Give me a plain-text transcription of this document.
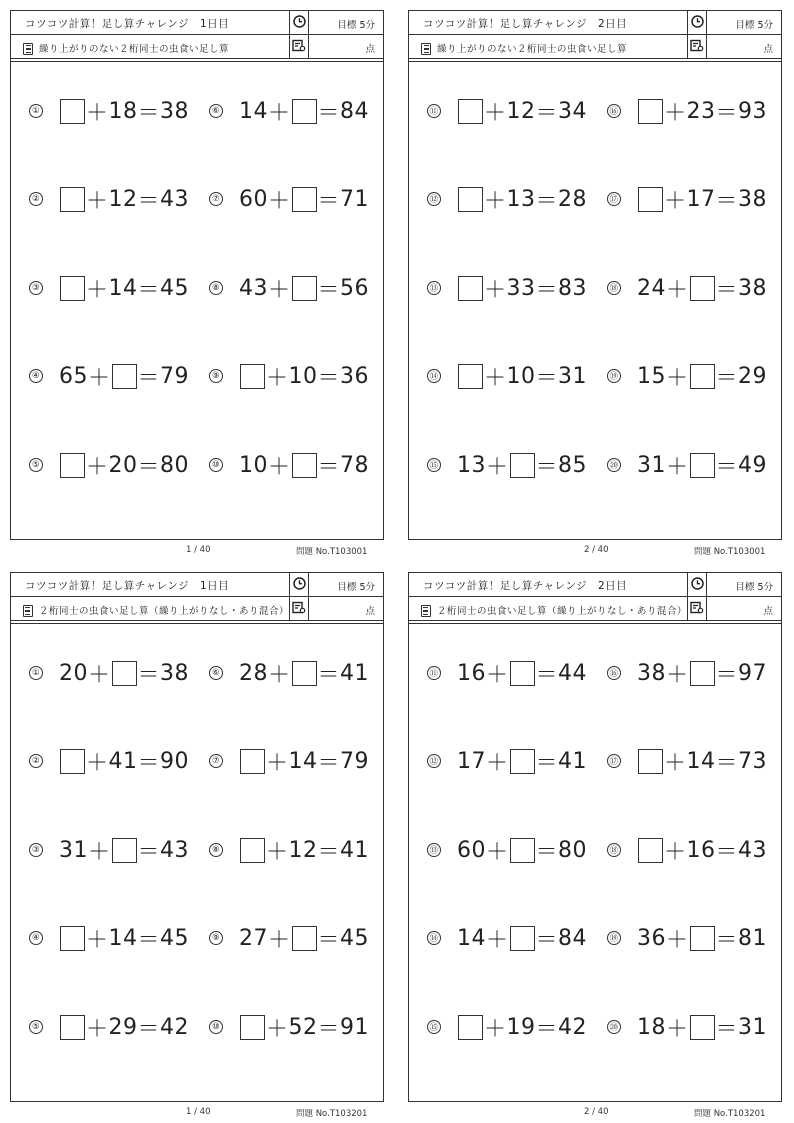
コツコツ計算！足し算チャレンジ　1日目	目標 5分
繰り上がりのない２桁同士の虫食い足し算	点
① ＋ 18 ＝ 38
② ＋ 12 ＝ 43
③ ＋ 14 ＝ 45
④ 65 ＋ ＝ 79
⑤ ＋ 20 ＝ 80
⑥ 14 ＋ ＝ 84
⑦ 60 ＋ ＝ 71
⑧ 43 ＋ ＝ 56
⑨ ＋ 10 ＝ 36
⑩ 10 ＋ ＝ 78
1 / 40	問題 No.T103001
コツコツ計算！足し算チャレンジ　2日目	目標 5分
繰り上がりのない２桁同士の虫食い足し算	点
⑪ ＋ 12 ＝ 34
⑫ ＋ 13 ＝ 28
⑬ ＋ 33 ＝ 83
⑭ ＋ 10 ＝ 31
⑮ 13 ＋ ＝ 85
⑯ ＋ 23 ＝ 93
⑰ ＋ 17 ＝ 38
⑱ 24 ＋ ＝ 38
⑲ 15 ＋ ＝ 29
⑳ 31 ＋ ＝ 49
2 / 40	問題 No.T103001
コツコツ計算！足し算チャレンジ　1日目	目標 5分
２桁同士の虫食い足し算（繰り上がりなし・あり混合）	点
① 20 ＋ ＝ 38
② ＋ 41 ＝ 90
③ 31 ＋ ＝ 43
④ ＋ 14 ＝ 45
⑤ ＋ 29 ＝ 42
⑥ 28 ＋ ＝ 41
⑦ ＋ 14 ＝ 79
⑧ ＋ 12 ＝ 41
⑨ 27 ＋ ＝ 45
⑩ ＋ 52 ＝ 91
1 / 40	問題 No.T103201
コツコツ計算！足し算チャレンジ　2日目	目標 5分
２桁同士の虫食い足し算（繰り上がりなし・あり混合）	点
⑪ 16 ＋ ＝ 44
⑫ 17 ＋ ＝ 41
⑬ 60 ＋ ＝ 80
⑭ 14 ＋ ＝ 84
⑮ ＋ 19 ＝ 42
⑯ 38 ＋ ＝ 97
⑰ ＋ 14 ＝ 73
⑱ ＋ 16 ＝ 43
⑲ 36 ＋ ＝ 81
⑳ 18 ＋ ＝ 31
2 / 40	問題 No.T103201
